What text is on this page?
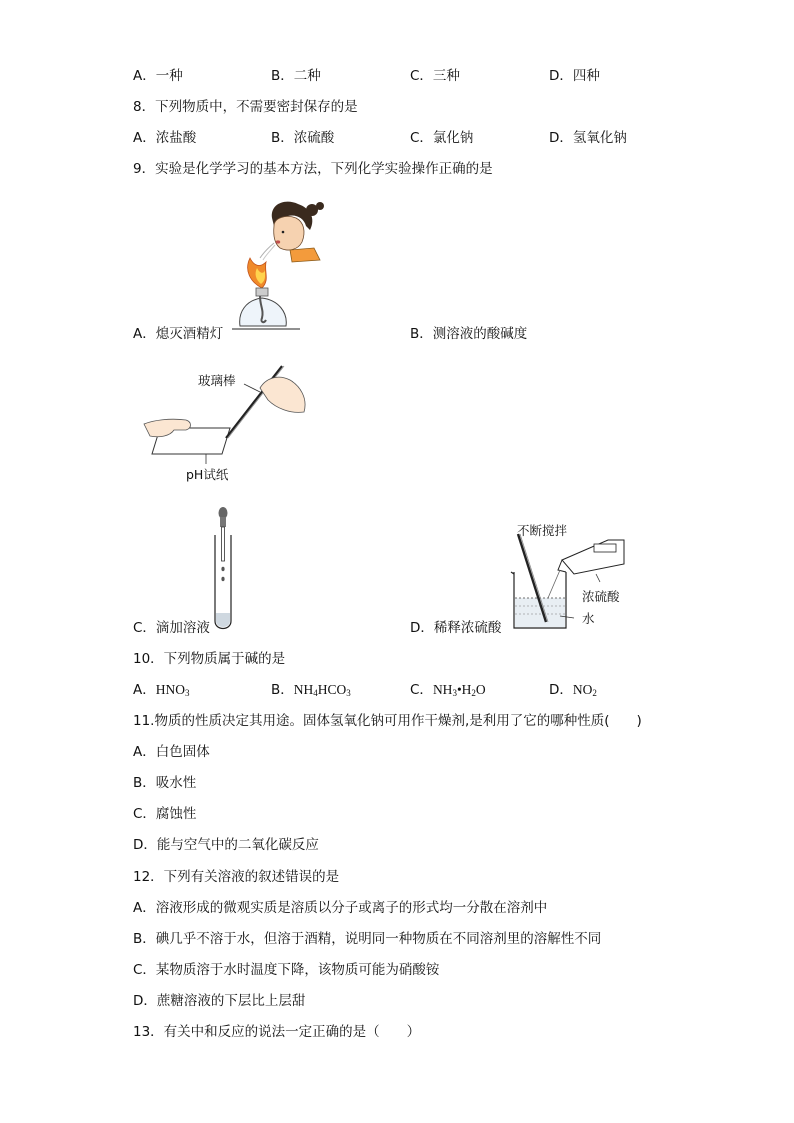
A．一种	B．二种	C．三种	D．四种
8．下列物质中，不需要密封保存的是
A．浓盐酸	B．浓硫酸	C．氯化钠	D．氢氧化钠
9．实验是化学学习的基本方法，下列化学实验操作正确的是
A．熄灭酒精灯	B．测溶液的酸碱度
玻璃棒
pH试纸
C．滴加溶液
不断搅拌
浓硫酸
水
D．稀释浓硫酸
10．下列物质属于碱的是
A．$HNO_3$	B．$NH_4HCO_3$	C．$NH_3•H_2O$	D．$NO_2$
11.物质的性质决定其用途。固体氢氧化钠可用作干燥剂,是利用了它的哪种性质(　　)
A．白色固体
B．吸水性
C．腐蚀性
D．能与空气中的二氧化碳反应
12．下列有关溶液的叙述错误的是
A．溶液形成的微观实质是溶质以分子或离子的形式均一分散在溶剂中
B．碘几乎不溶于水，但溶于酒精，说明同一种物质在不同溶剂里的溶解性不同
C．某物质溶于水时温度下降，该物质可能为硝酸铵
D．蔗糖溶液的下层比上层甜
13．有关中和反应的说法一定正确的是（　　）
